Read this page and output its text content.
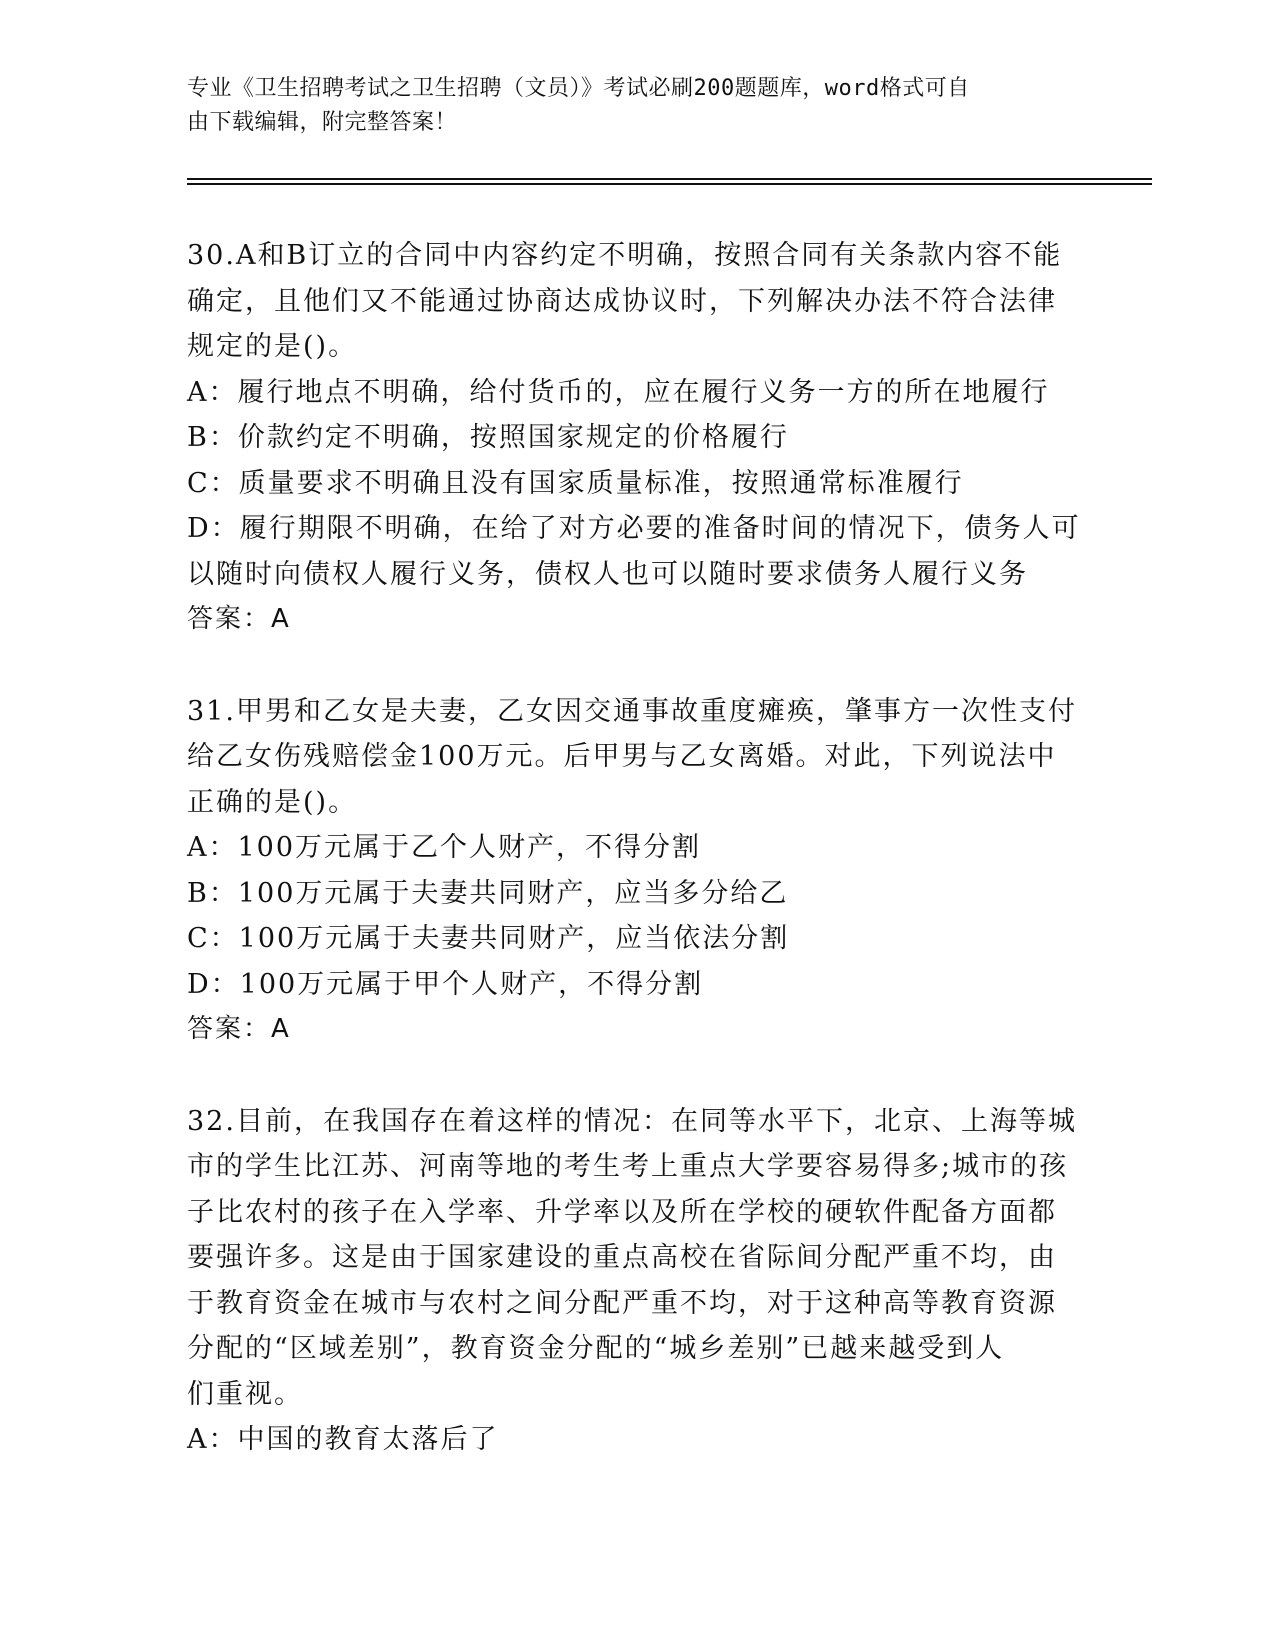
专业《卫生招聘考试之卫生招聘（文员）》考试必刷200题题库，word格式可自
由下载编辑，附完整答案！

30.A和B订立的合同中内容约定不明确，按照合同有关条款内容不能

确定，且他们又不能通过协商达成协议时，下列解决办法不符合法律

规定的是()。

A：履行地点不明确，给付货币的，应在履行义务一方的所在地履行

B：价款约定不明确，按照国家规定的价格履行

C：质量要求不明确且没有国家质量标准，按照通常标准履行

D：履行期限不明确，在给了对方必要的准备时间的情况下，债务人可

以随时向债权人履行义务，债权人也可以随时要求债务人履行义务

答案：A

31.甲男和乙女是夫妻，乙女因交通事故重度瘫痪，肇事方一次性支付

给乙女伤残赔偿金100万元。后甲男与乙女离婚。对此，下列说法中

正确的是()。

A：100万元属于乙个人财产，不得分割

B：100万元属于夫妻共同财产，应当多分给乙

C：100万元属于夫妻共同财产，应当依法分割

D：100万元属于甲个人财产，不得分割

答案：A

32.目前，在我国存在着这样的情况：在同等水平下，北京、上海等城

市的学生比江苏、河南等地的考生考上重点大学要容易得多;城市的孩

子比农村的孩子在入学率、升学率以及所在学校的硬软件配备方面都

要强许多。这是由于国家建设的重点高校在省际间分配严重不均，由

于教育资金在城市与农村之间分配严重不均，对于这种高等教育资源

分配的“区域差别”，教育资金分配的“城乡差别”已越来越受到人

们重视。

A：中国的教育太落后了
